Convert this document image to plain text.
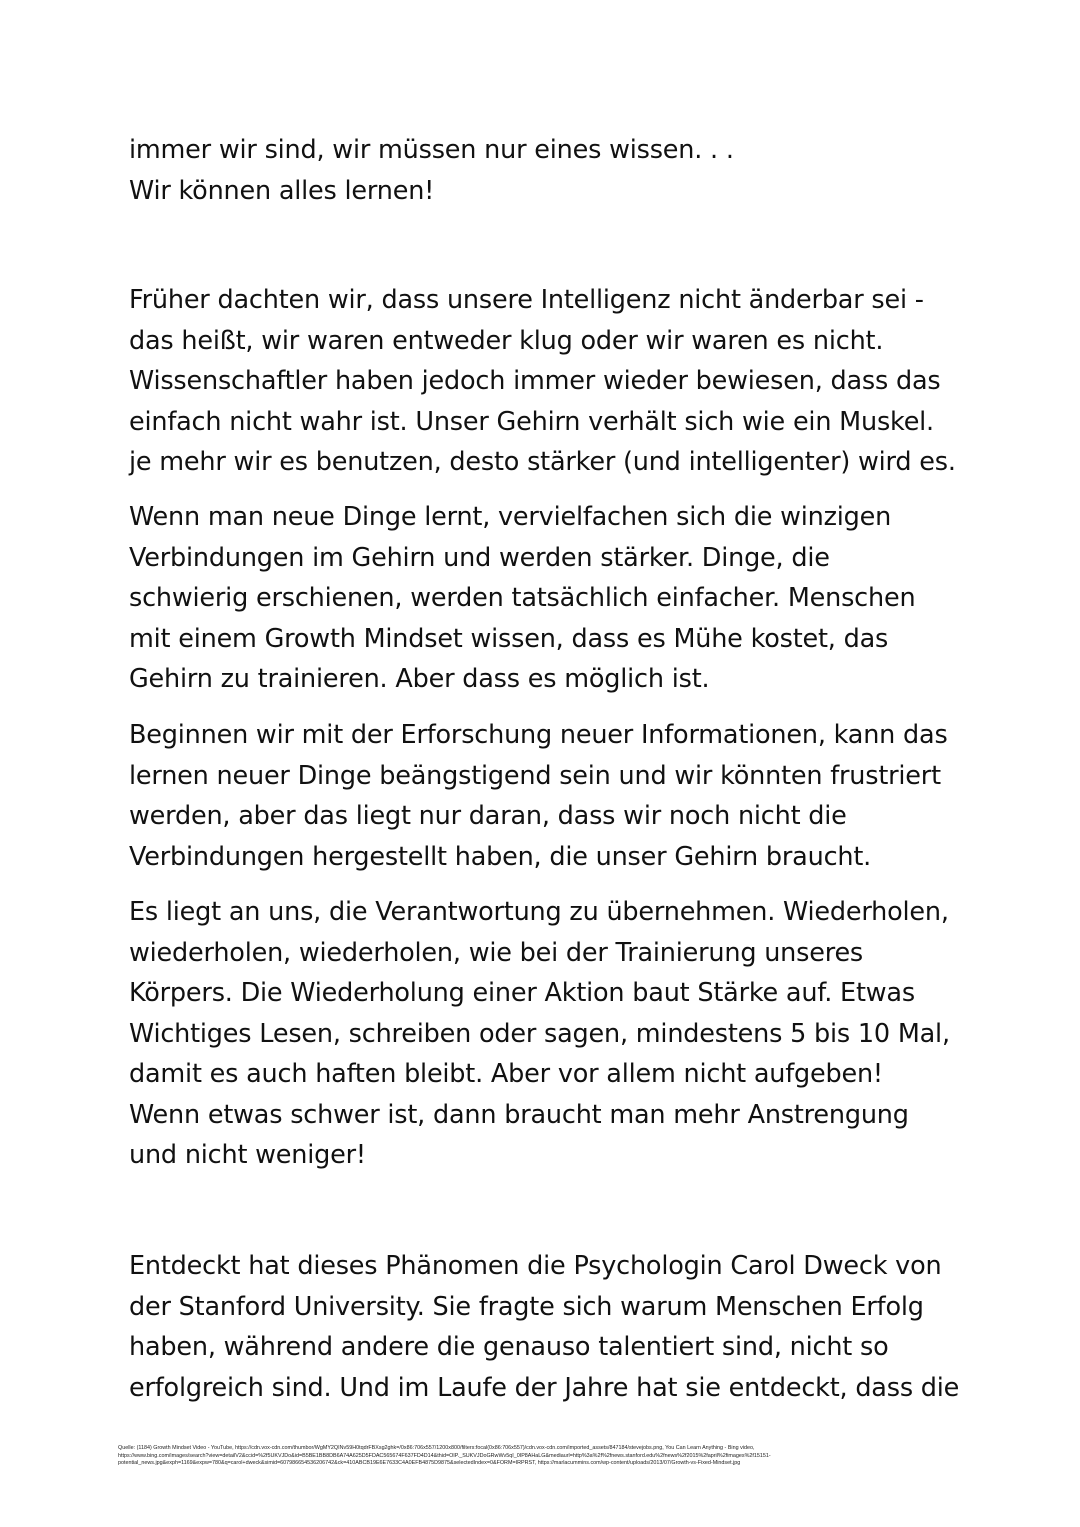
immer wir sind, wir müssen nur eines wissen. . .
Wir können alles lernen!
Früher dachten wir, dass unsere Intelligenz nicht änderbar sei -
das heißt, wir waren entweder klug oder wir waren es nicht.
Wissenschaftler haben jedoch immer wieder bewiesen, dass das
einfach nicht wahr ist. Unser Gehirn verhält sich wie ein Muskel.
je mehr wir es benutzen, desto stärker (und intelligenter) wird es.
Wenn man neue Dinge lernt, vervielfachen sich die winzigen
Verbindungen im Gehirn und werden stärker. Dinge, die
schwierig erschienen, werden tatsächlich einfacher. Menschen
mit einem Growth Mindset wissen, dass es Mühe kostet, das
Gehirn zu trainieren. Aber dass es möglich ist.
Beginnen wir mit der Erforschung neuer Informationen, kann das
lernen neuer Dinge beängstigend sein und wir könnten frustriert
werden, aber das liegt nur daran, dass wir noch nicht die
Verbindungen hergestellt haben, die unser Gehirn braucht.
Es liegt an uns, die Verantwortung zu übernehmen. Wiederholen,
wiederholen, wiederholen, wie bei der Trainierung unseres
Körpers. Die Wiederholung einer Aktion baut Stärke auf. Etwas
Wichtiges Lesen, schreiben oder sagen, mindestens 5 bis 10 Mal,
damit es auch haften bleibt. Aber vor allem nicht aufgeben!
Wenn etwas schwer ist, dann braucht man mehr Anstrengung
und nicht weniger!
Entdeckt hat dieses Phänomen die Psychologin Carol Dweck von
der Stanford University. Sie fragte sich warum Menschen Erfolg
haben, während andere die genauso talentiert sind, nicht so
erfolgreich sind. Und im Laufe der Jahre hat sie entdeckt, dass die
Quelle: (1184) Growth Mindset Video - YouTube, https://cdn.vox-cdn.com/thumbor/WgMY2QINv59H0tqdrFBXsg2ghk=/0x86:706x557/1200x800/filters:focal(0x86:706x557)/cdn.vox-cdn.com/imported_assets/847184/stevejobs.png, You Can Learn Anything - Bing video,
https://www.bing.com/images/search?view=detailV2&ccid=%2f5UKVJDo&id=B5BE1BB8DB6A74A625D5FDAC565674F637FD4D14&thid=OIP._SUKVJDoGRwWv5qI_0IP8AHaLG&mediaurl=http%3a%2f%2fnews.stanford.edu%2fnews%2f2015%2fapril%2fimages%2f15151-
potential_news.jpg&exph=1169&expw=780&q=carol+dweck&simid=607986654536206742&ck=410ABCB19E6E7633C4A0EFB4875D9875&selectedIndex=0&FORM=IRPRST, https://marlacummins.com/wp-content/uploads/2013/07/Growth-vs-Fixed-Mindset.jpg
